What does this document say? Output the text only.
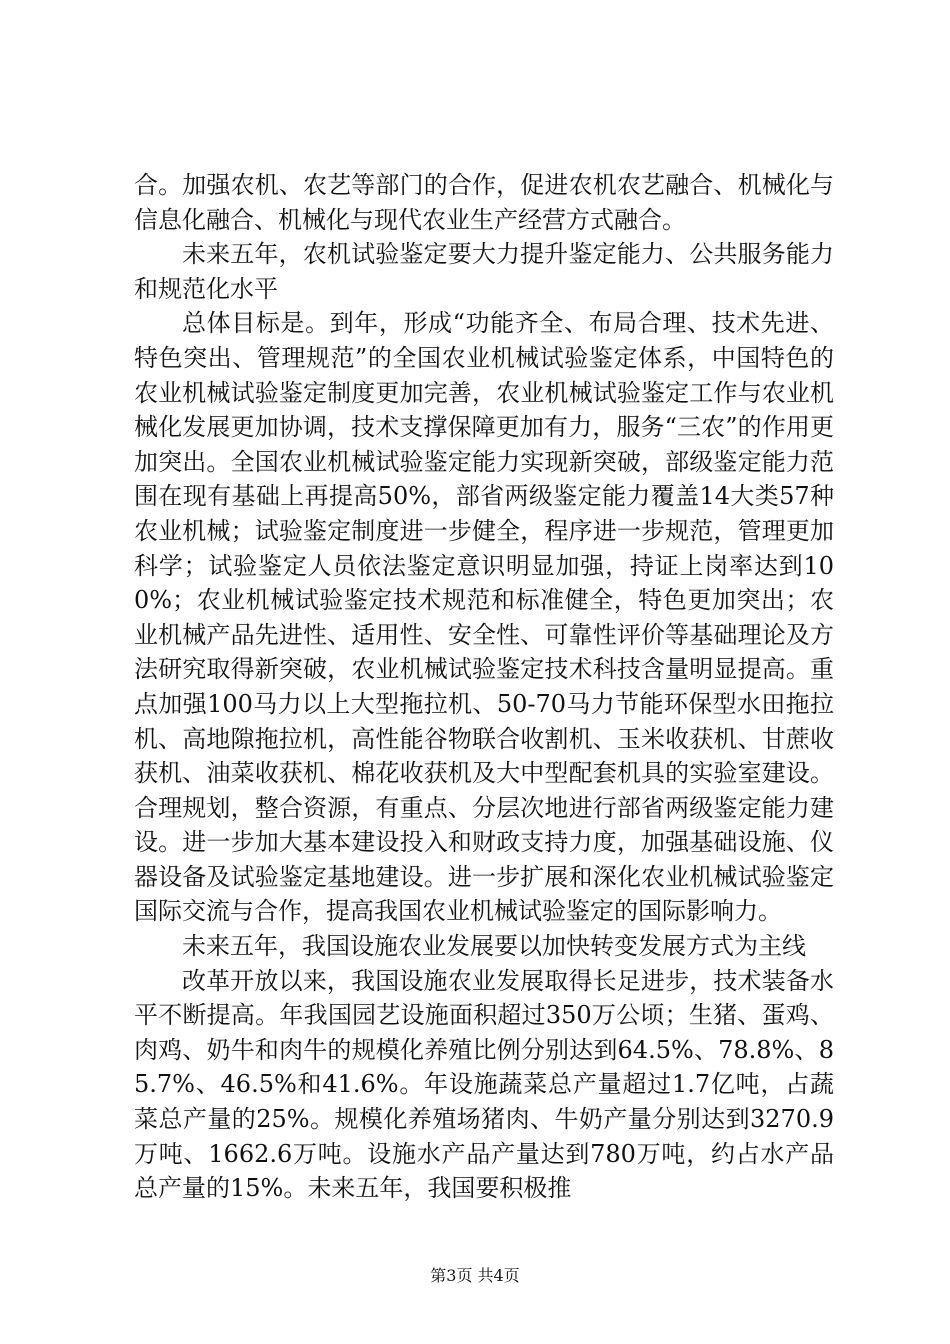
合。加强农机、农艺等部门的合作，促进农机农艺融合、机械化与信息化融合、机械化与现代农业生产经营方式融合。

未来五年，农机试验鉴定要大力提升鉴定能力、公共服务能力和规范化水平

总体目标是。到年，形成“功能齐全、布局合理、技术先进、特色突出、管理规范”的全国农业机械试验鉴定体系，中国特色的农业机械试验鉴定制度更加完善，农业机械试验鉴定工作与农业机械化发展更加协调，技术支撑保障更加有力，服务“三农”的作用更加突出。全国农业机械试验鉴定能力实现新突破，部级鉴定能力范围在现有基础上再提高50%，部省两级鉴定能力覆盖14大类57种农业机械；试验鉴定制度进一步健全，程序进一步规范，管理更加科学；试验鉴定人员依法鉴定意识明显加强，持证上岗率达到100%；农业机械试验鉴定技术规范和标准健全，特色更加突出；农业机械产品先进性、适用性、安全性、可靠性评价等基础理论及方法研究取得新突破，农业机械试验鉴定技术科技含量明显提高。重点加强100马力以上大型拖拉机、50-70马力节能环保型水田拖拉机、高地隙拖拉机，高性能谷物联合收割机、玉米收获机、甘蔗收获机、油菜收获机、棉花收获机及大中型配套机具的实验室建设。合理规划，整合资源，有重点、分层次地进行部省两级鉴定能力建设。进一步加大基本建设投入和财政支持力度，加强基础设施、仪器设备及试验鉴定基地建设。进一步扩展和深化农业机械试验鉴定国际交流与合作，提高我国农业机械试验鉴定的国际影响力。

未来五年，我国设施农业发展要以加快转变发展方式为主线

改革开放以来，我国设施农业发展取得长足进步，技术装备水平不断提高。年我国园艺设施面积超过350万公顷；生猪、蛋鸡、肉鸡、奶牛和肉牛的规模化养殖比例分别达到64.5%、78.8%、85.7%、46.5%和41.6%。年设施蔬菜总产量超过1.7亿吨，占蔬菜总产量的25%。规模化养殖场猪肉、牛奶产量分别达到3270.9万吨、1662.6万吨。设施水产品产量达到780万吨，约占水产品总产量的15%。未来五年，我国要积极推

第3页 共4页
